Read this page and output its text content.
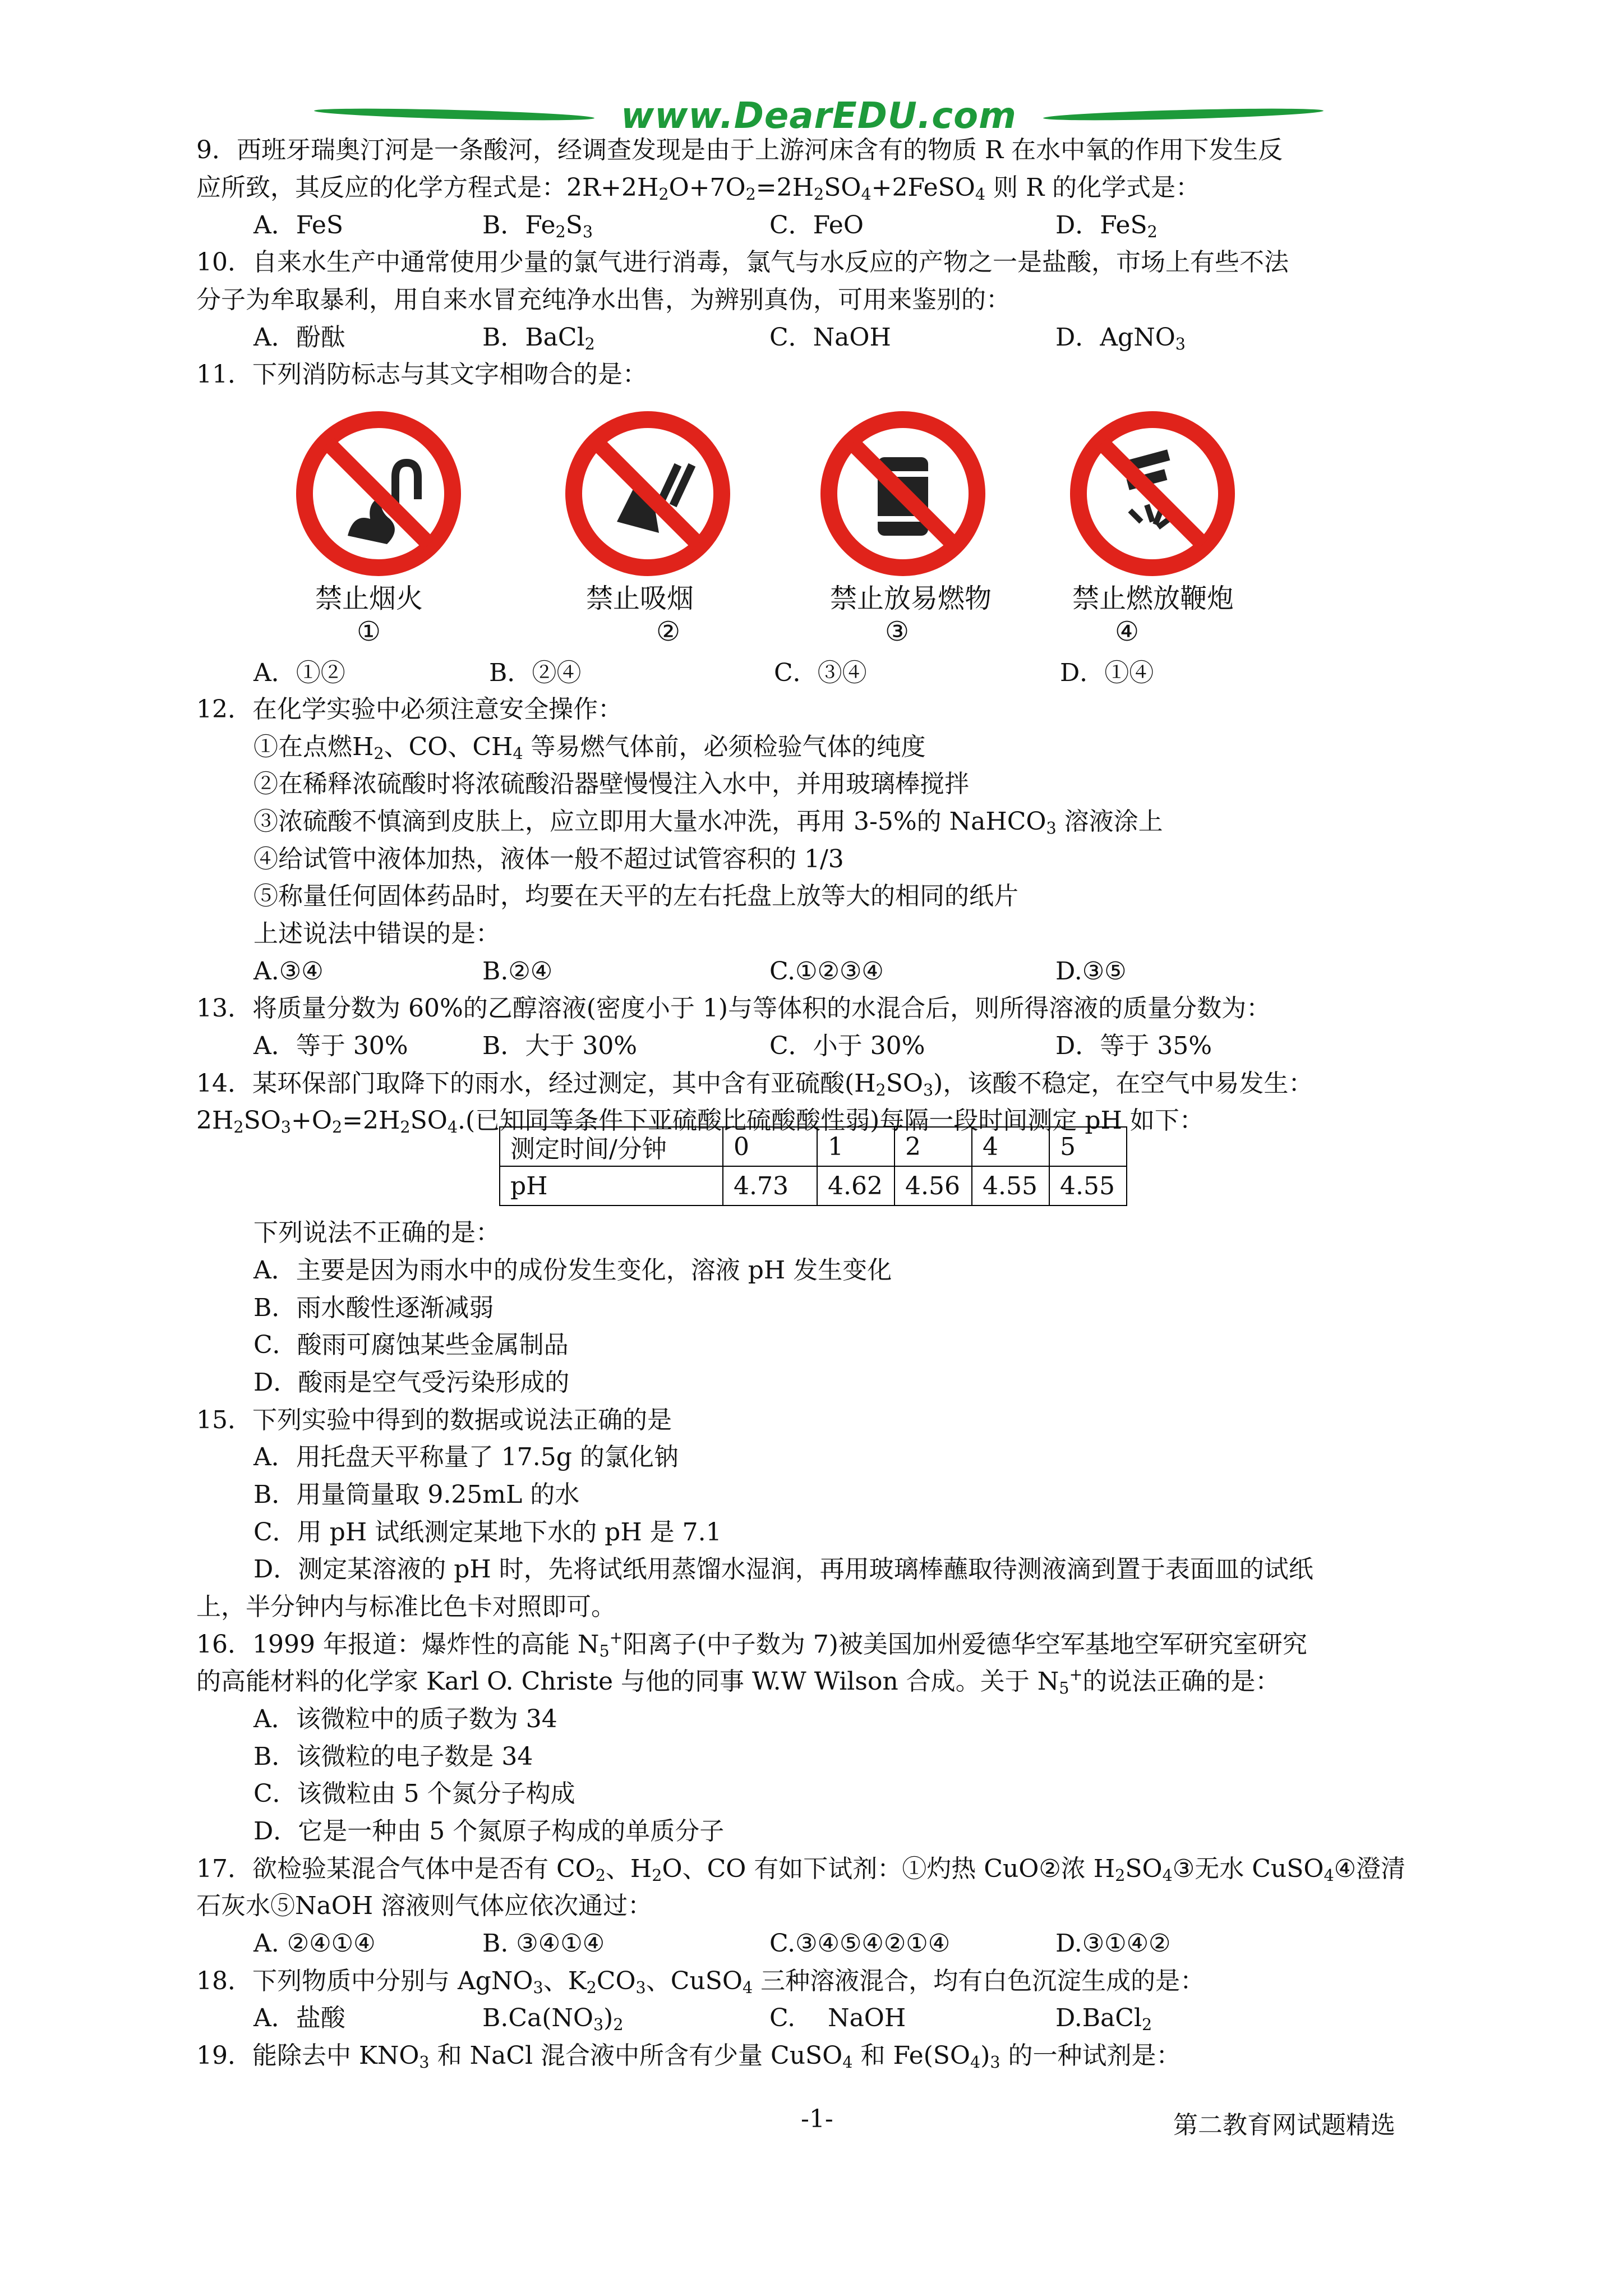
www.DearEDU.com
9．西班牙瑞奥汀河是一条酸河，经调查发现是由于上游河床含有的物质 R 在水中氧的作用下发生反
应所致，其反应的化学方程式是：$2R+2H_2O+7O_2=2H_2SO_4+2FeSO_4$ 则 R 的化学式是：
A．FeS	B．$Fe_2S_3$	C．FeO	D．FeS$_2$
10．自来水生产中通常使用少量的氯气进行消毒，氯气与水反应的产物之一是盐酸，市场上有些不法
分子为牟取暴利，用自来水冒充纯净水出售，为辨别真伪，可用来鉴别的：
A．酚酞	B．BaCl$_2$	C．NaOH	D．AgNO$_3$
11．下列消防标志与其文字相吻合的是：
禁止烟火	禁止吸烟	禁止放易燃物	禁止燃放鞭炮
①	②	③	④
A．①②	B．②④	C．③④	D．①④
12．在化学实验中必须注意安全操作：
①在点燃$H_2$、CO、$CH_4$ 等易燃气体前，必须检验气体的纯度
②在稀释浓硫酸时将浓硫酸沿器壁慢慢注入水中，并用玻璃棒搅拌
③浓硫酸不慎滴到皮肤上，应立即用大量水冲洗，再用 3-5%的 NaHCO$_3$ 溶液涂上
④给试管中液体加热，液体一般不超过试管容积的 1/3
⑤称量任何固体药品时，均要在天平的左右托盘上放等大的相同的纸片
上述说法中错误的是：
A.③④	B.②④	C.①②③④	D.③⑤
13．将质量分数为 60%的乙醇溶液(密度小于 1)与等体积的水混合后，则所得溶液的质量分数为：
A．等于 30%	B．大于 30%	C．小于 30%	D．等于 35%
14．某环保部门取降下的雨水，经过测定，其中含有亚硫酸$(H_2SO_3)$，该酸不稳定，在空气中易发生：
$2H_2SO_3+O_2=2H_2SO_4$.(已知同等条件下亚硫酸比硫酸酸性弱)每隔一段时间测定 pH 如下：
测定时间/分钟	0	1	2	4	5
pH	4.73	4.62	4.56	4.55	4.55
下列说法不正确的是：
A．主要是因为雨水中的成份发生变化，溶液 pH 发生变化
B．雨水酸性逐渐减弱
C．酸雨可腐蚀某些金属制品
D．酸雨是空气受污染形成的
15．下列实验中得到的数据或说法正确的是
A．用托盘天平称量了 17.5g 的氯化钠
B．用量筒量取 9.25mL 的水
C．用 pH 试纸测定某地下水的 pH 是 7.1
D．测定某溶液的 pH 时，先将试纸用蒸馏水湿润，再用玻璃棒蘸取待测液滴到置于表面皿的试纸
上，半分钟内与标准比色卡对照即可。
16．1999 年报道：爆炸性的高能 $N_5^+$阳离子(中子数为 7)被美国加州爱德华空军基地空军研究室研究
的高能材料的化学家 Karl O. Christe 与他的同事 W.W Wilson 合成。关于 $N_5^+$的说法正确的是：
A．该微粒中的质子数为 34
B．该微粒的电子数是 34
C．该微粒由 5 个氮分子构成
D．它是一种由 5 个氮原子构成的单质分子
17．欲检验某混合气体中是否有 $CO_2$、$H_2O$、CO 有如下试剂：①灼热 CuO②浓 $H_2SO_4③$无水 CuSO$_4$④澄清
石灰水⑤NaOH 溶液则气体应依次通过：
A. ②④①④	B. ③④①④	C.③④⑤④②①④	D.③①④②
18．下列物质中分别与 AgNO$_3$、$K_2CO_3$、CuSO$_4$ 三种溶液混合，均有白色沉淀生成的是：
A．盐酸	$B.Ca(NO_3)_2$	C.　 NaOH	D.BaCl$_2$
19．能除去中 $KNO_3$ 和 NaCl 混合液中所含有少量 CuSO$_4$ 和 $Fe(SO_4)_3$ 的一种试剂是：
-1-	第二教育网试题精选
